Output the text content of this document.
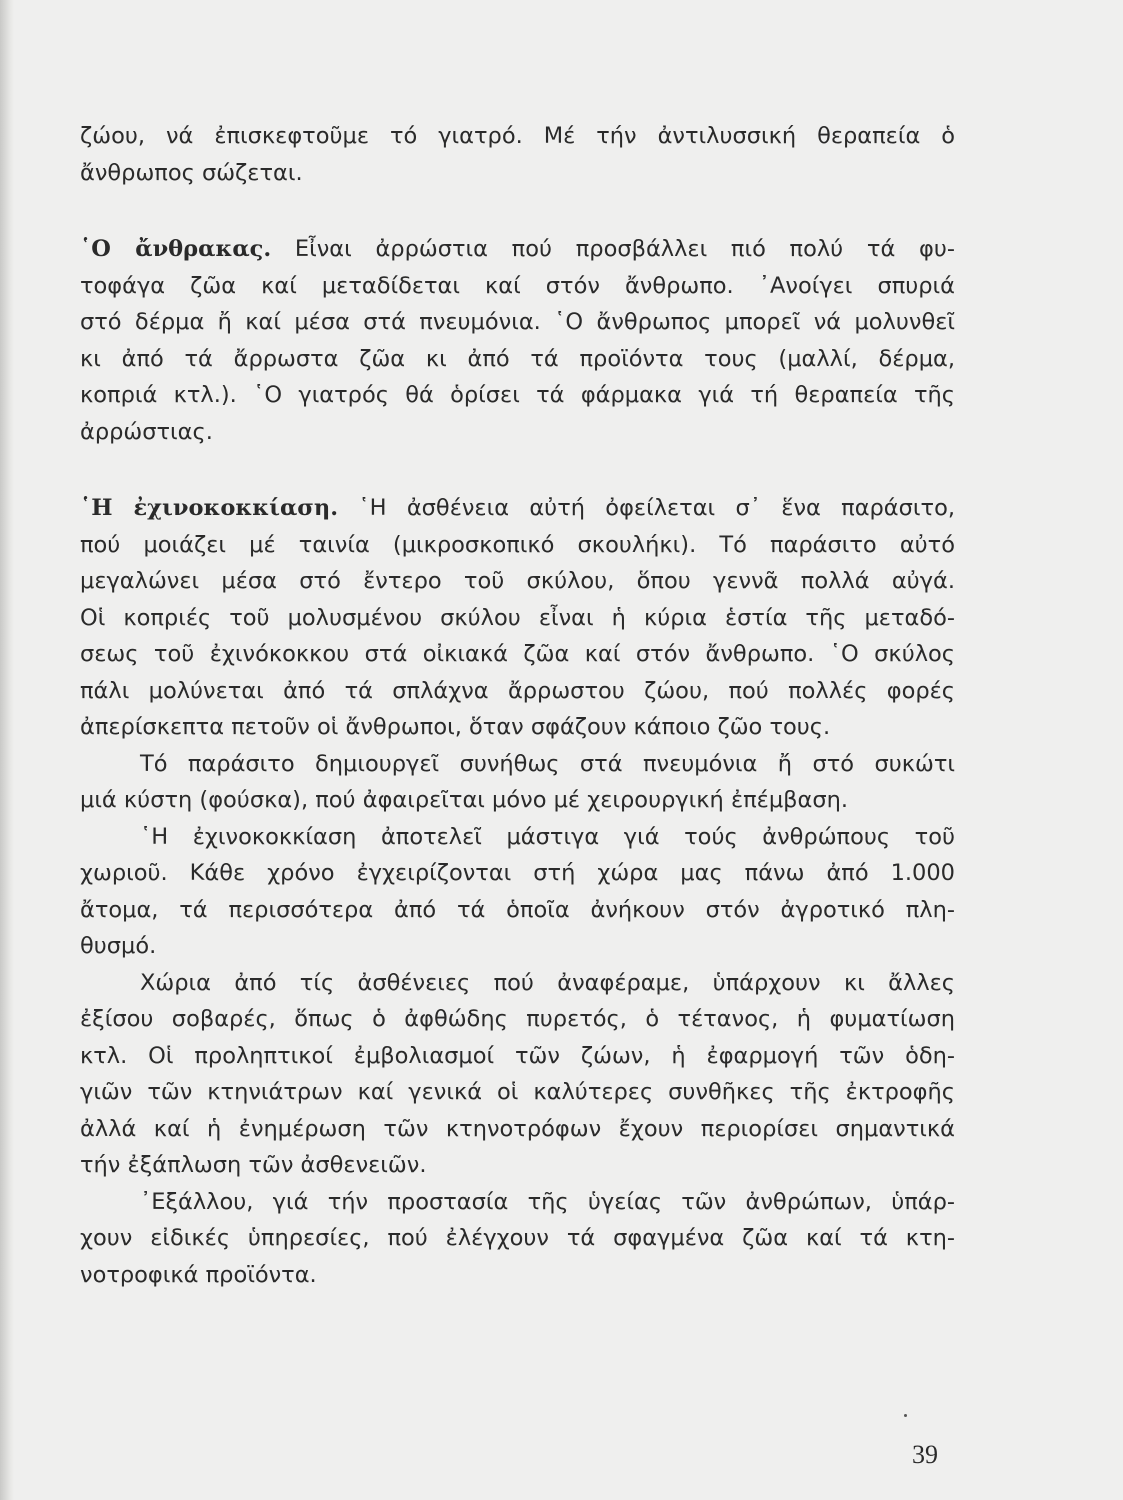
ζώου, νά ἐπισκεφτοῦμε τό γιατρό. Μέ τήν ἀντιλυσσική θεραπεία ὁ
ἄνθρωπος σώζεται.
῾Ο ἄνθρακας. Εἶναι ἀρρώστια πού προσβάλλει πιό πολύ τά φυ-
τοφάγα ζῶα καί μεταδίδεται καί στόν ἄνθρωπο. ᾿Ανοίγει σπυριά
στό δέρμα ἤ καί μέσα στά πνευμόνια. ῾Ο ἄνθρωπος μπορεῖ νά μολυνθεῖ
κι ἀπό τά ἄρρωστα ζῶα κι ἀπό τά προϊόντα τους (μαλλί, δέρμα,
κοπριά κτλ.). ῾Ο γιατρός θά ὁρίσει τά φάρμακα γιά τή θεραπεία τῆς
ἀρρώστιας.
῾Η ἐχινοκοκκίαση. ῾Η ἀσθένεια αὐτή ὀφείλεται σ᾿ ἕνα παράσιτο,
πού μοιάζει μέ ταινία (μικροσκοπικό σκουλήκι). Τό παράσιτο αὐτό
μεγαλώνει μέσα στό ἔντερο τοῦ σκύλου, ὅπου γεννᾶ πολλά αὐγά.
Οἱ κοπριές τοῦ μολυσμένου σκύλου εἶναι ἡ κύρια ἑστία τῆς μεταδό-
σεως τοῦ ἐχινόκοκκου στά οἰκιακά ζῶα καί στόν ἄνθρωπο. ῾Ο σκύλος
πάλι μολύνεται ἀπό τά σπλάχνα ἄρρωστου ζώου, πού πολλές φορές
ἀπερίσκεπτα πετοῦν οἱ ἄνθρωποι, ὅταν σφάζουν κάποιο ζῶο τους.
Τό παράσιτο δημιουργεῖ συνήθως στά πνευμόνια ἤ στό συκώτι
μιά κύστη (φούσκα), πού ἀφαιρεῖται μόνο μέ χειρουργική ἐπέμβαση.
῾Η ἐχινοκοκκίαση ἀποτελεῖ μάστιγα γιά τούς ἀνθρώπους τοῦ
χωριοῦ. Κάθε χρόνο ἐγχειρίζονται στή χώρα μας πάνω ἀπό 1.000
ἄτομα, τά περισσότερα ἀπό τά ὁποῖα ἀνήκουν στόν ἀγροτικό πλη-
θυσμό.
Χώρια ἀπό τίς ἀσθένειες πού ἀναφέραμε, ὑπάρχουν κι ἄλλες
ἐξίσου σοβαρές, ὅπως ὁ ἀφθώδης πυρετός, ὁ τέτανος, ἡ φυματίωση
κτλ. Οἱ προληπτικοί ἐμβολιασμοί τῶν ζώων, ἡ ἐφαρμογή τῶν ὁδη-
γιῶν τῶν κτηνιάτρων καί γενικά οἱ καλύτερες συνθῆκες τῆς ἐκτροφῆς
ἀλλά καί ἡ ἐνημέρωση τῶν κτηνοτρόφων ἔχουν περιορίσει σημαντικά
τήν ἐξάπλωση τῶν ἀσθενειῶν.
᾿Εξάλλου, γιά τήν προστασία τῆς ὑγείας τῶν ἀνθρώπων, ὑπάρ-
χουν εἰδικές ὑπηρεσίες, πού ἐλέγχουν τά σφαγμένα ζῶα καί τά κτη-
νοτροφικά προϊόντα.
39
